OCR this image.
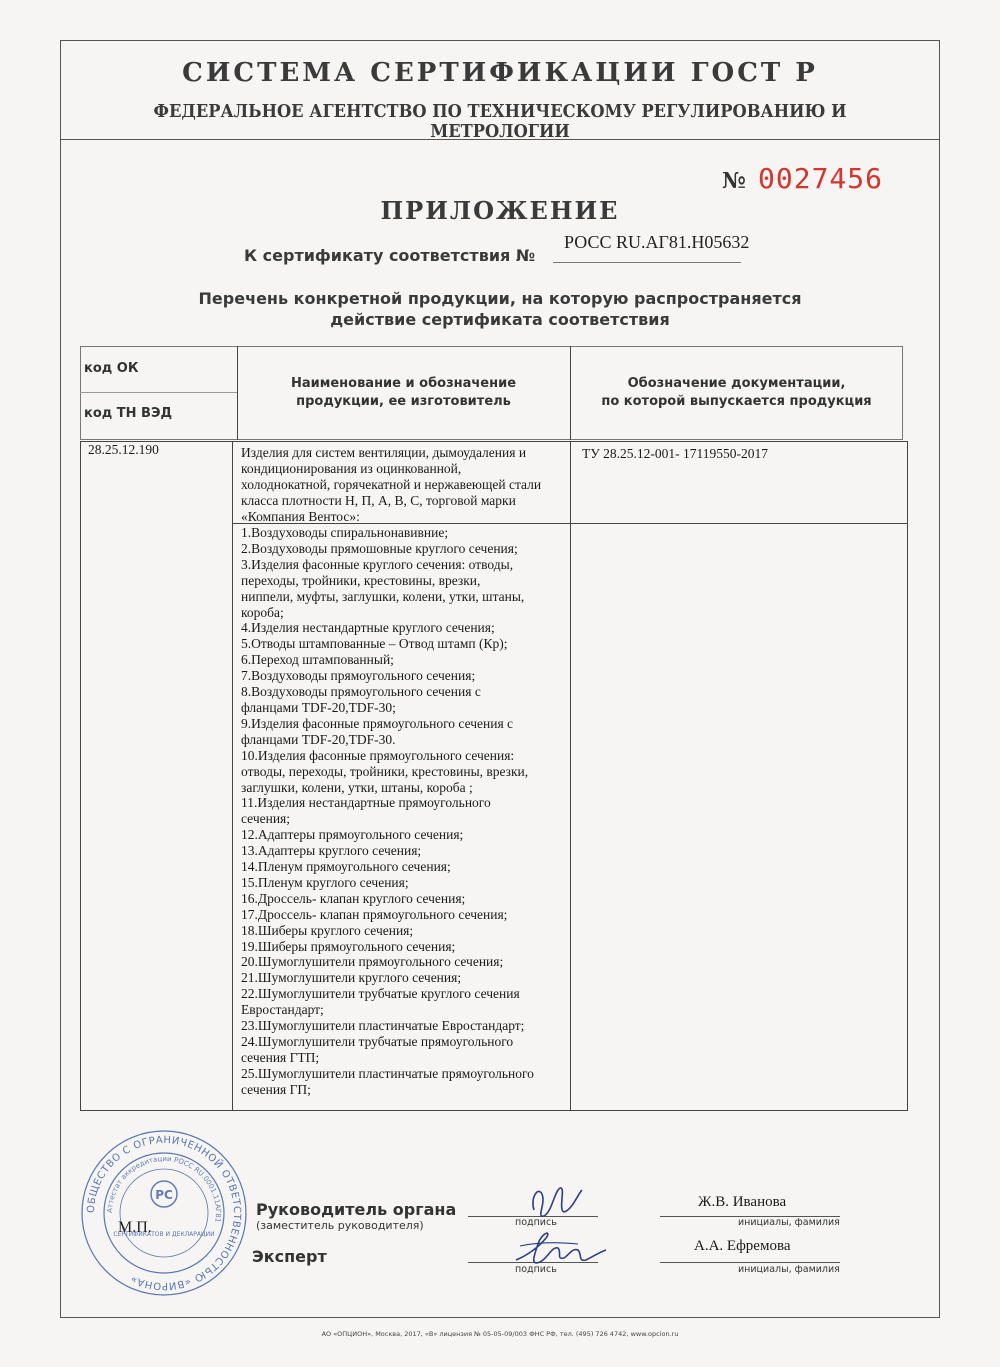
СИСТЕМА СЕРТИФИКАЦИИ ГОСТ Р
ФЕДЕРАЛЬНОЕ АГЕНТСТВО ПО ТЕХНИЧЕСКОМУ РЕГУЛИРОВАНИЮ И МЕТРОЛОГИИ
№ 0027456
ПРИЛОЖЕНИЕ
К сертификату соответствия №
РОСС RU.АГ81.Н05632
Перечень конкретной продукции, на которую распространяется
действие сертификата соответствия
код ОК
код ТН ВЭД
Наименование и обозначение
продукции, ее изготовитель
Обозначение документации,
по которой выпускается продукция
28.25.12.190	Изделия для систем вентиляции, дымоудаления и
кондиционирования из оцинкованной,
холоднокатной, горячекатной и нержавеющей стали
класса плотности Н, П, А, В, С, торговой марки
«Компания Вентос»:
ТУ 28.25.12-001- 17119550-2017
1.Воздуховоды спиральнонавивние;
2.Воздуховоды прямошовные круглого сечения;
3.Изделия фасонные круглого сечения: отводы,
переходы, тройники, крестовины, врезки,
ниппели, муфты, заглушки, колени, утки, штаны,
короба;
4.Изделия нестандартные круглого сечения;
5.Отводы штампованные – Отвод штамп (Кр);
6.Переход штампованный;
7.Воздуховоды прямоугольного сечения;
8.Воздуховоды прямоугольного сечения с
фланцами TDF-20,TDF-30;
9.Изделия фасонные прямоугольного сечения с
фланцами TDF-20,TDF-30.
10.Изделия фасонные прямоугольного сечения:
отводы, переходы, тройники, крестовины, врезки,
заглушки, колени, утки, штаны, короба ;
11.Изделия нестандартные прямоугольного
сечения;
12.Адаптеры прямоугольного сечения;
13.Адаптеры круглого сечения;
14.Пленум прямоугольного сечения;
15.Пленум круглого сечения;
16.Дроссель- клапан круглого сечения;
17.Дроссель- клапан прямоугольного сечения;
18.Шиберы круглого сечения;
19.Шиберы прямоугольного сечения;
20.Шумоглушители прямоугольного сечения;
21.Шумоглушители круглого сечения;
22.Шумоглушители трубчатые круглого сечения
Евростандарт;
23.Шумоглушители пластинчатые Евростандарт;
24.Шумоглушители трубчатые прямоугольного
сечения ГТП;
25.Шумоглушители пластинчатые прямоугольного
сечения ГП;
ОБЩЕСТВО С ОГРАНИЧЕННОЙ ОТВЕТСТВЕННОСТЬЮ «ВИРОНА»
Аттестат аккредитации РОСС RU.0001.11АГ81
РС
СЕРТИФИКАТОВ И ДЕКЛАРАЦИЙ
М.П.
Руководитель органа
(заместитель руководителя)
Эксперт
подпись
подпись
Ж.В. Иванова
инициалы, фамилия
А.А. Ефремова
инициалы, фамилия
АО «ОПЦИОН», Москва, 2017, «В» лицензия № 05-05-09/003 ФНС РФ, тел. (495) 726 4742, www.opcion.ru
